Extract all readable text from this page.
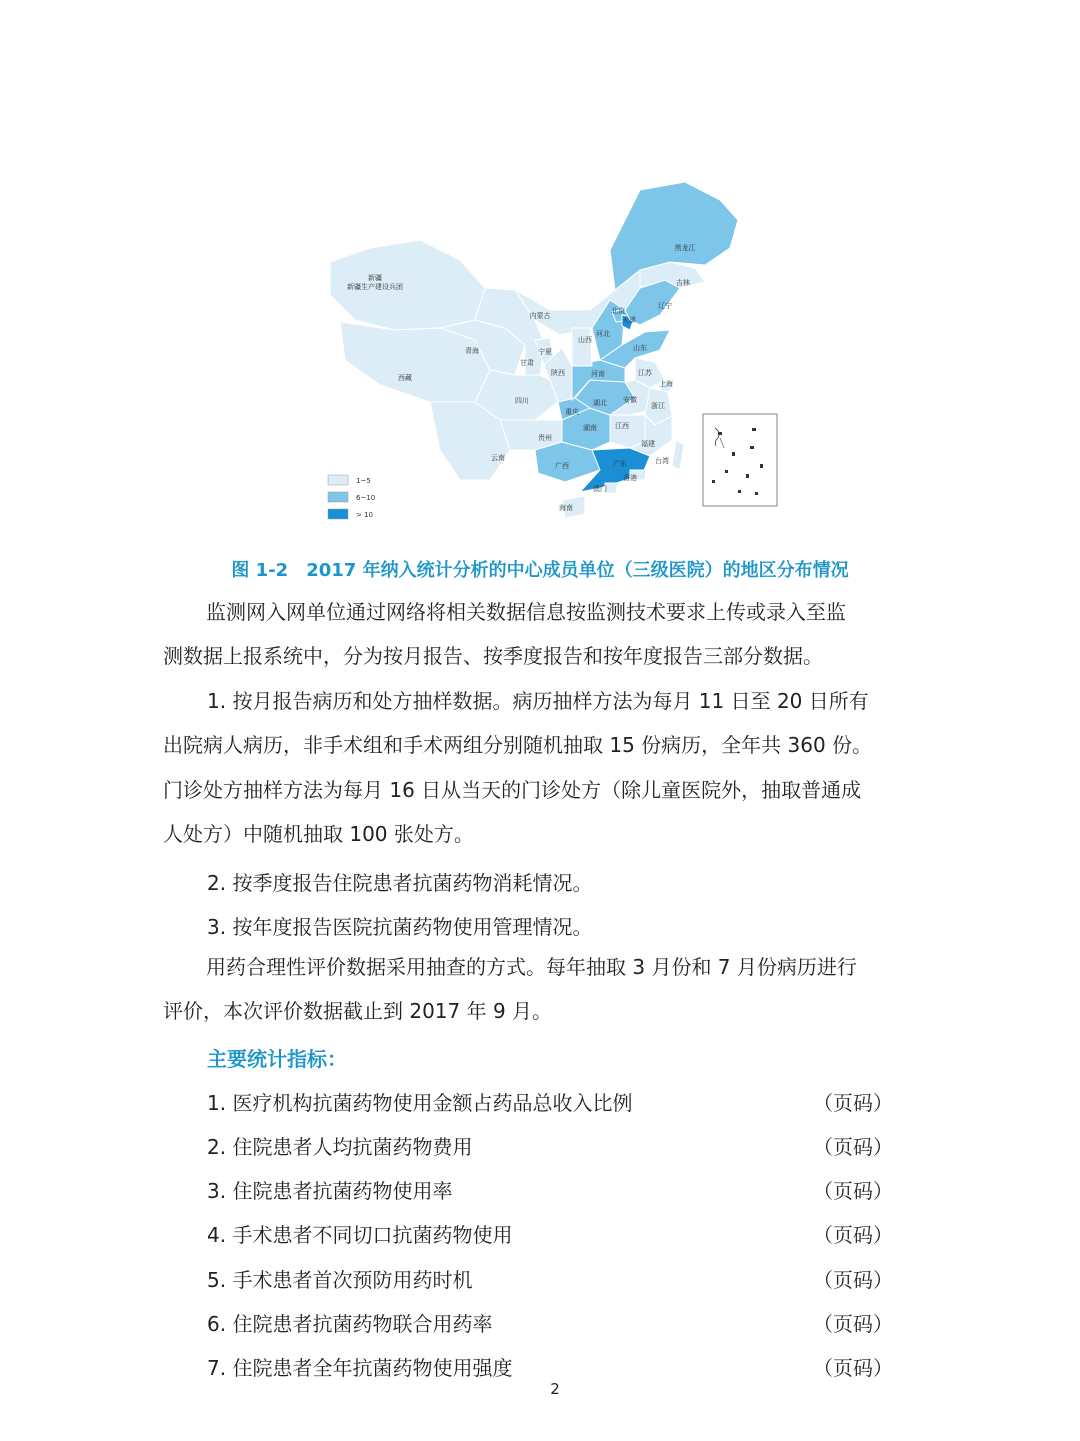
新疆
新疆生产建设兵团
西藏
青海
甘肃
宁夏
内蒙古
陕西
四川
重庆
云南
贵州
广西	广东
海南
湖南
湖北
河南
山西
河北
北京
天津
山东
辽宁
吉林
黑龙江
江苏
上海
安徽
浙江
江西
福建
台湾
香港
澳门
1~5
6~10
> 10
图 1-2 2017 年纳入统计分析的中心成员单位（三级医院）的地区分布情况
监测网入网单位通过网络将相关数据信息按监测技术要求上传或录入至监
测数据上报系统中，分为按月报告、按季度报告和按年度报告三部分数据。
1. 按月报告病历和处方抽样数据。病历抽样方法为每月 11 日至 20 日所有
出院病人病历，非手术组和手术两组分别随机抽取 15 份病历，全年共 360 份。
门诊处方抽样方法为每月 16 日从当天的门诊处方（除儿童医院外，抽取普通成
人处方）中随机抽取 100 张处方。
2. 按季度报告住院患者抗菌药物消耗情况。
3. 按年度报告医院抗菌药物使用管理情况。
用药合理性评价数据采用抽查的方式。每年抽取 3 月份和 7 月份病历进行
评价，本次评价数据截止到 2017 年 9 月。
主要统计指标：
1. 医疗机构抗菌药物使用金额占药品总收入比例	（页码）
2. 住院患者人均抗菌药物费用	（页码）
3. 住院患者抗菌药物使用率	（页码）
4. 手术患者不同切口抗菌药物使用	（页码）
5. 手术患者首次预防用药时机	（页码）
6. 住院患者抗菌药物联合用药率	（页码）
7. 住院患者全年抗菌药物使用强度	（页码）
2
